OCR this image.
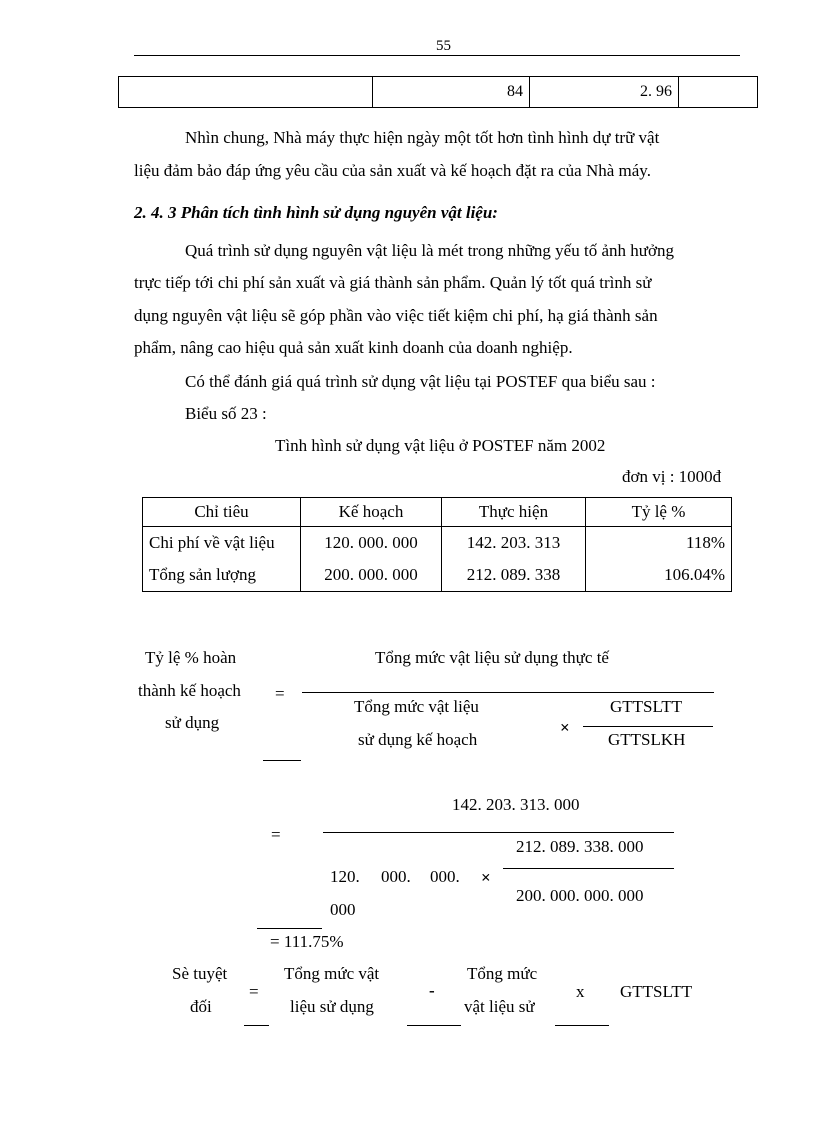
55
	84	2. 96	
Nhìn chung, Nhà máy thực hiện ngày một tốt hơn tình hình dự trữ vật
liệu đảm bảo đáp ứng yêu cầu của sản xuất và kế hoạch đặt ra của Nhà máy.
2. 4. 3 Phân tích tình hình sử dụng nguyên vật liệu:
Quá trình sử dụng nguyên vật liệu là mét trong những yếu tố ảnh hưởng
trực tiếp tới chi phí sản xuất và giá thành sản phẩm. Quản lý tốt quá trình sử
dụng nguyên vật liệu sẽ góp phần vào việc tiết kiệm chi phí, hạ giá thành sản
phẩm, nâng cao hiệu quả sản xuất kinh doanh của doanh nghiệp.
Có thể đánh giá quá trình sử dụng vật liệu tại POSTEF qua biểu sau :
Biểu số 23 :
Tình hình sử dụng vật liệu ở POSTEF năm 2002
đơn vị : 1000đ
Chỉ tiêu	Kế hoạch	Thực hiện	Tỷ lệ %
Chi phí về vật liệu	120. 000. 000	142. 203. 313	118%
Tổng sản lượng	200. 000. 000	212. 089. 338	106.04%
Tỷ lệ % hoàn
thành kế hoạch
sử dụng
=
Tổng mức vật liệu sử dụng thực tế
Tổng mức vật liệu
sử dụng kế hoạch
×
GTTSLTT
GTTSLKH
142. 203. 313. 000
=
212. 089. 338. 000
120. 000. 000. ×
200. 000. 000. 000
000
= 111.75%
Sè tuyệt
đối
=
Tổng mức vật
liệu sử dụng
-
Tổng mức
vật liệu sử
x GTTSLTT
